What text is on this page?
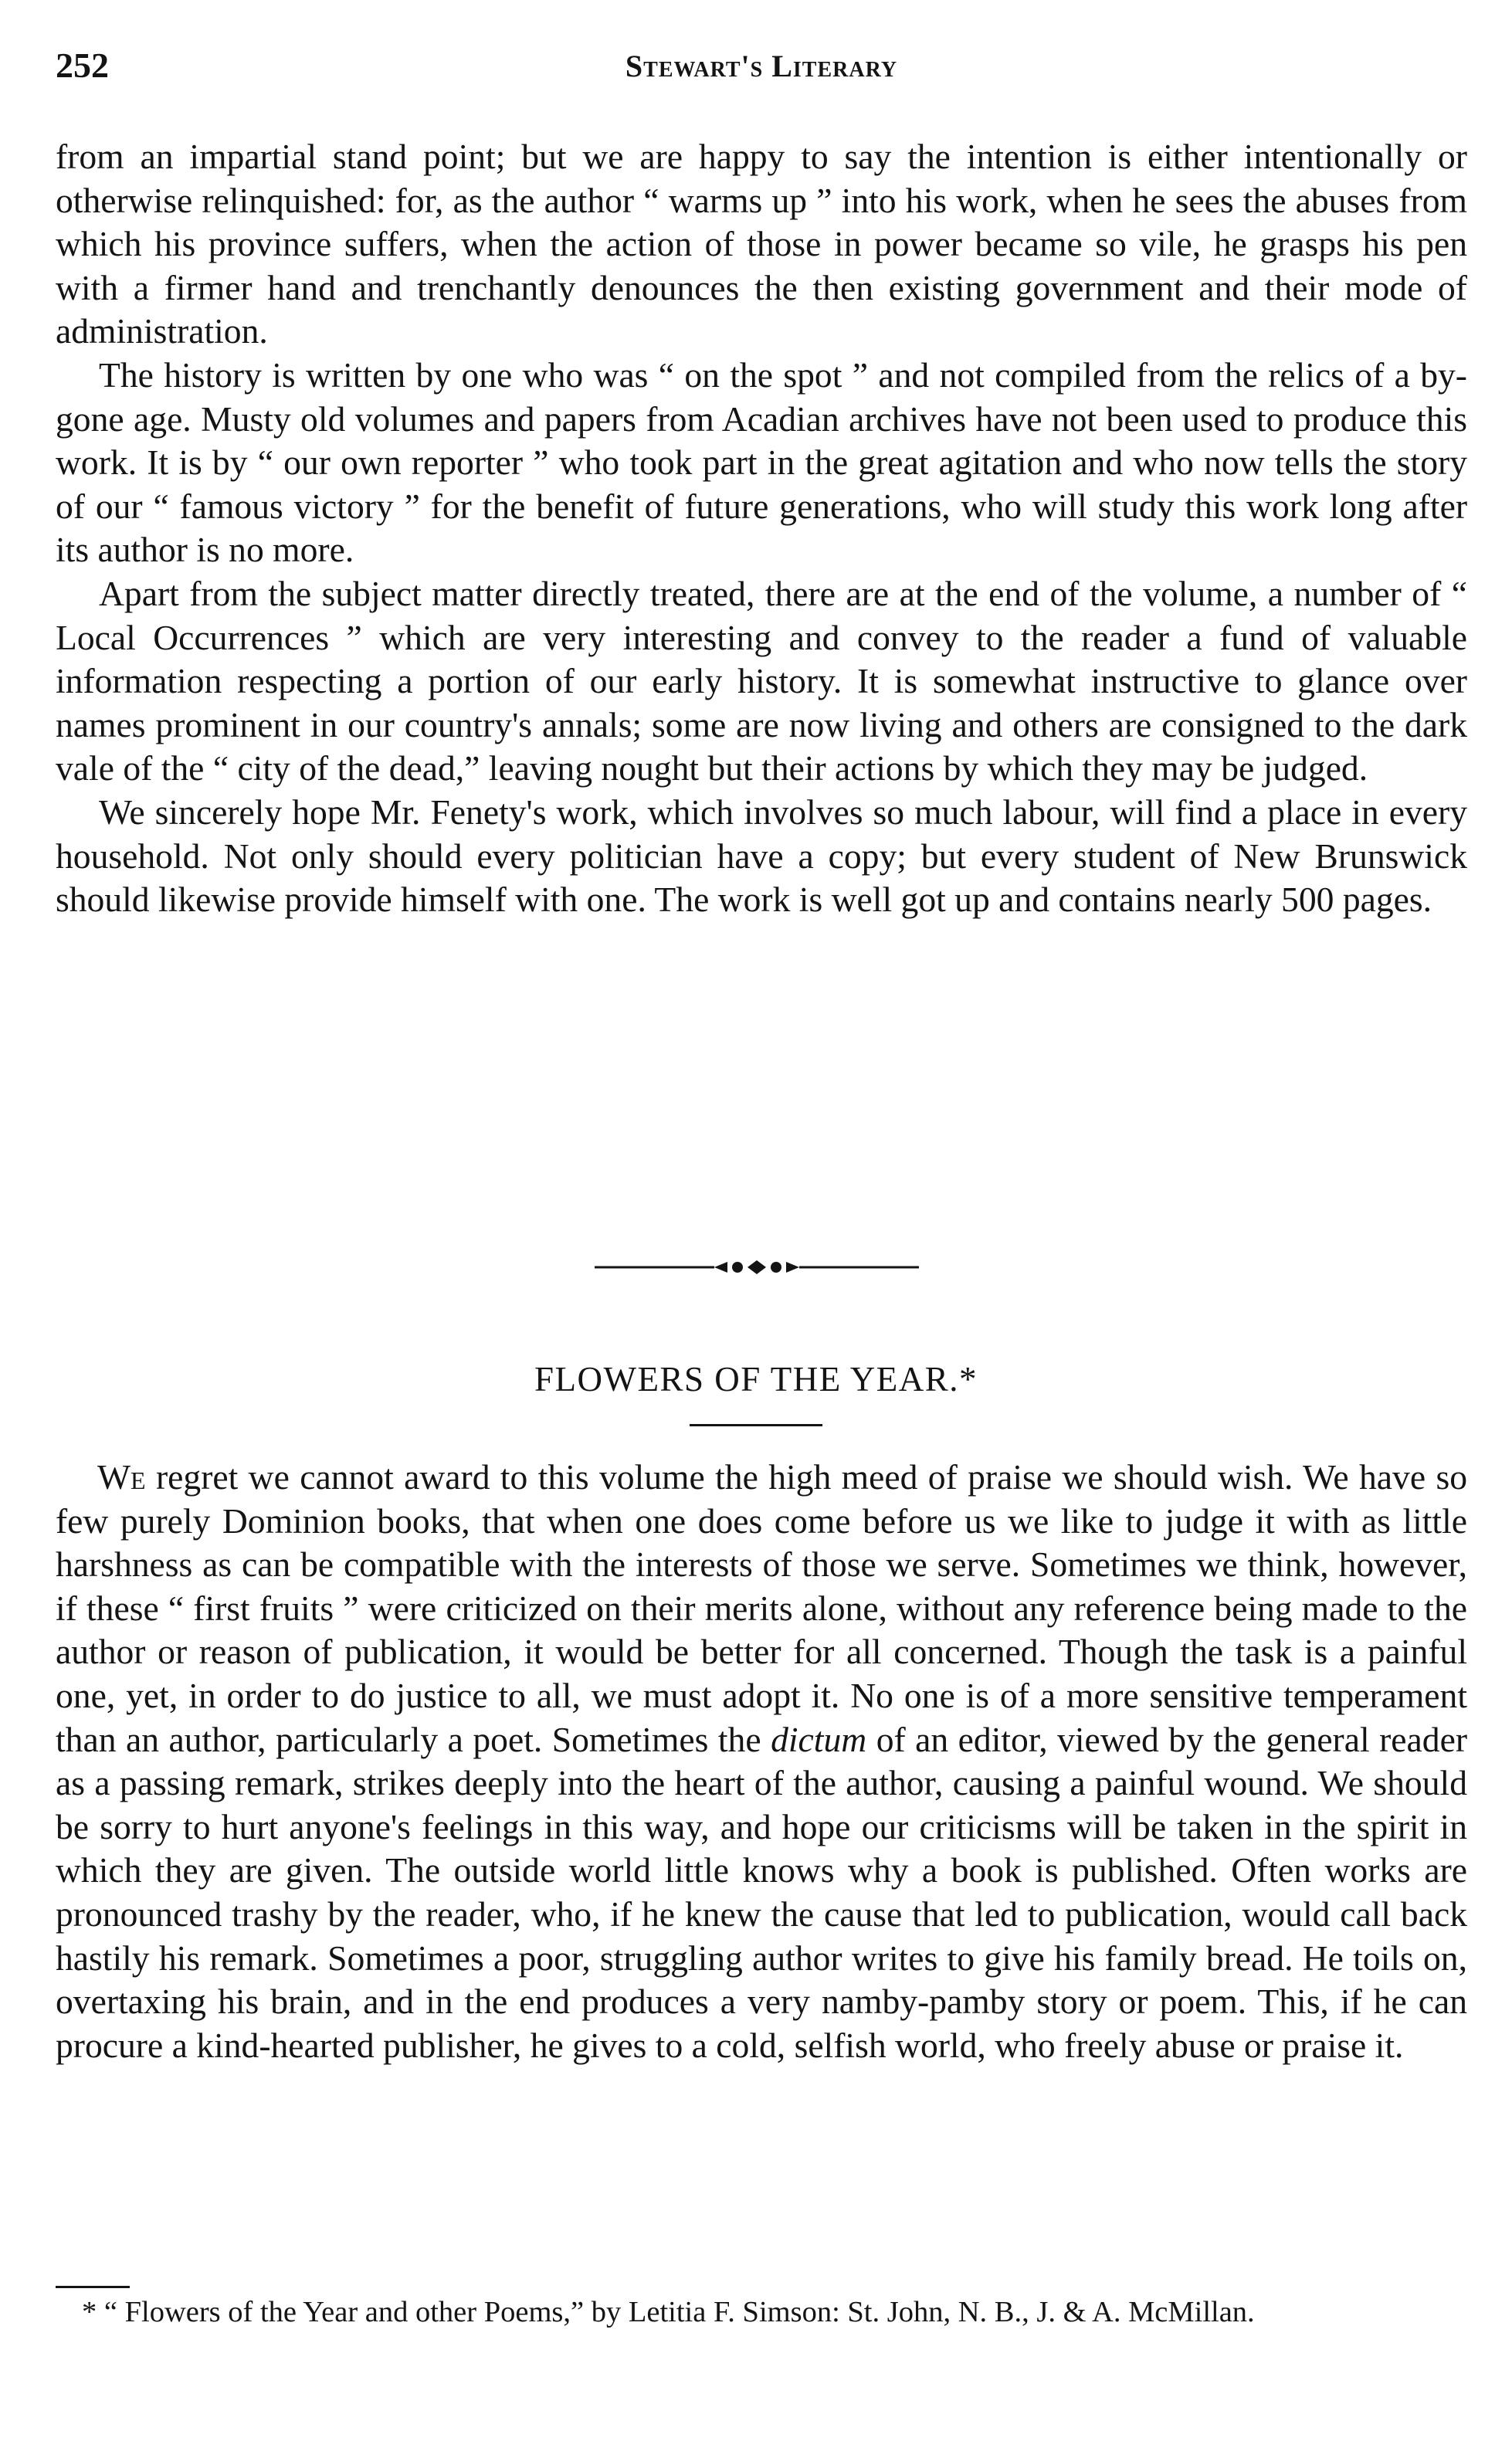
252	Stewart's Literary

from an impartial stand point; but we are happy to say the intention is either intentionally or otherwise relinquished: for, as the author “ warms up ” into his work, when he sees the abuses from which his province suffers, when the action of those in power became so vile, he grasps his pen with a firmer hand and trenchantly denounces the then existing government and their mode of administration.

The history is written by one who was “ on the spot ” and not compiled from the relics of a by-gone age. Musty old volumes and papers from Acadian archives have not been used to produce this work. It is by “ our own reporter ” who took part in the great agitation and who now tells the story of our “ famous victory ” for the benefit of future generations, who will study this work long after its author is no more.

Apart from the subject matter directly treated, there are at the end of the volume, a number of “ Local Occurrences ” which are very interesting and convey to the reader a fund of valuable information respecting a portion of our early history. It is somewhat instructive to glance over names prominent in our country's annals; some are now living and others are consigned to the dark vale of the “ city of the dead,” leaving nought but their actions by which they may be judged.

We sincerely hope Mr. Fenety's work, which involves so much labour, will find a place in every household. Not only should every politician have a copy; but every student of New Brunswick should likewise provide himself with one. The work is well got up and contains nearly 500 pages.

FLOWERS OF THE YEAR.*

We regret we cannot award to this volume the high meed of praise we should wish. We have so few purely Dominion books, that when one does come before us we like to judge it with as little harshness as can be compatible with the interests of those we serve. Sometimes we think, however, if these “ first fruits ” were criticized on their merits alone, without any reference being made to the author or reason of publication, it would be better for all concerned. Though the task is a painful one, yet, in order to do justice to all, we must adopt it. No one is of a more sensitive temperament than an author, particularly a poet. Sometimes the dictum of an editor, viewed by the general reader as a passing remark, strikes deeply into the heart of the author, causing a painful wound. We should be sorry to hurt anyone's feelings in this way, and hope our criticisms will be taken in the spirit in which they are given. The outside world little knows why a book is published. Often works are pronounced trashy by the reader, who, if he knew the cause that led to publication, would call back hastily his remark. Sometimes a poor, struggling author writes to give his family bread. He toils on, overtaxing his brain, and in the end produces a very namby-pamby story or poem. This, if he can procure a kind-hearted publisher, he gives to a cold, selfish world, who freely abuse or praise it.

* “ Flowers of the Year and other Poems,” by Letitia F. Simson: St. John, N. B., J. & A. McMillan.
